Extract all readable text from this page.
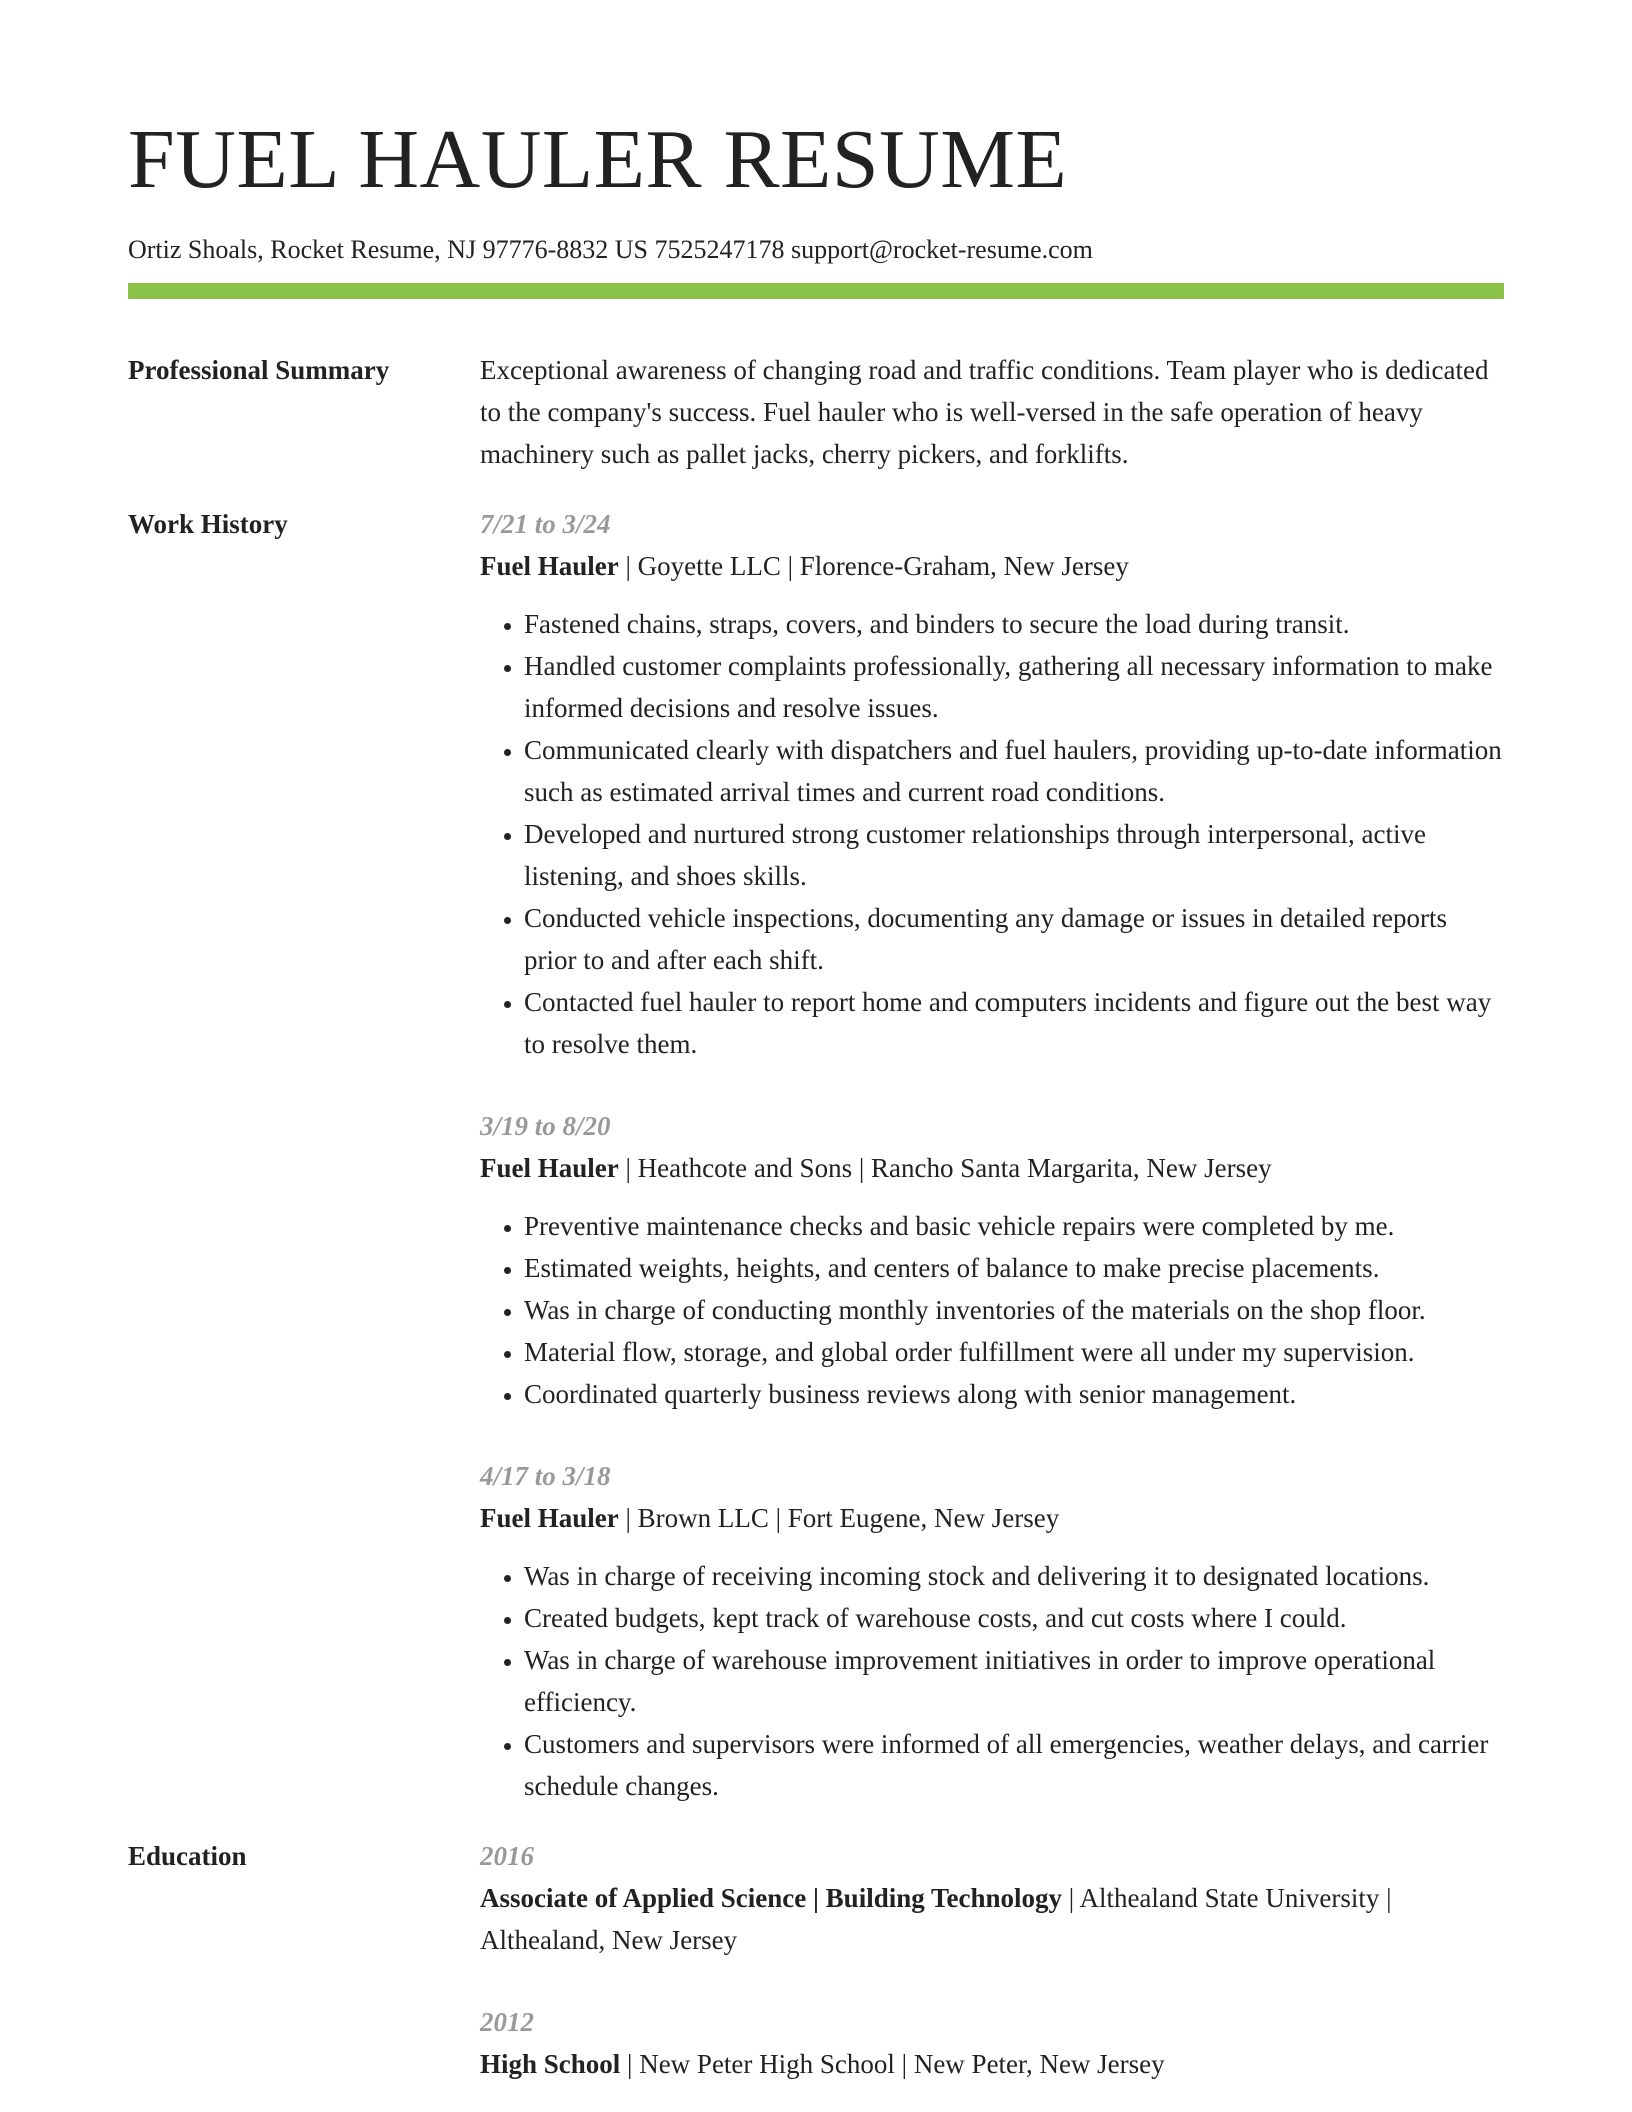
FUEL HAULER RESUME
Ortiz Shoals, Rocket Resume, NJ 97776-8832 US 7525247178 support@rocket-resume.com
Professional Summary	Exceptional awareness of changing road and traffic conditions. Team player who is dedicated to the company's success. Fuel hauler who is well-versed in the safe operation of heavy machinery such as pallet jacks, cherry pickers, and forklifts.
Work History	7/21 to 3/24
Fuel Hauler | Goyette LLC | Florence-Graham, New Jersey
• Fastened chains, straps, covers, and binders to secure the load during transit.
• Handled customer complaints professionally, gathering all necessary information to make informed decisions and resolve issues.
• Communicated clearly with dispatchers and fuel haulers, providing up-to-date information such as estimated arrival times and current road conditions.
• Developed and nurtured strong customer relationships through interpersonal, active listening, and shoes skills.
• Conducted vehicle inspections, documenting any damage or issues in detailed reports prior to and after each shift.
• Contacted fuel hauler to report home and computers incidents and figure out the best way to resolve them.
3/19 to 8/20
Fuel Hauler | Heathcote and Sons | Rancho Santa Margarita, New Jersey
• Preventive maintenance checks and basic vehicle repairs were completed by me.
• Estimated weights, heights, and centers of balance to make precise placements.
• Was in charge of conducting monthly inventories of the materials on the shop floor.
• Material flow, storage, and global order fulfillment were all under my supervision.
• Coordinated quarterly business reviews along with senior management.
4/17 to 3/18
Fuel Hauler | Brown LLC | Fort Eugene, New Jersey
• Was in charge of receiving incoming stock and delivering it to designated locations.
• Created budgets, kept track of warehouse costs, and cut costs where I could.
• Was in charge of warehouse improvement initiatives in order to improve operational efficiency.
• Customers and supervisors were informed of all emergencies, weather delays, and carrier schedule changes.
Education	2016
Associate of Applied Science | Building Technology | Althealand State University | Althealand, New Jersey
2012
High School | New Peter High School | New Peter, New Jersey
